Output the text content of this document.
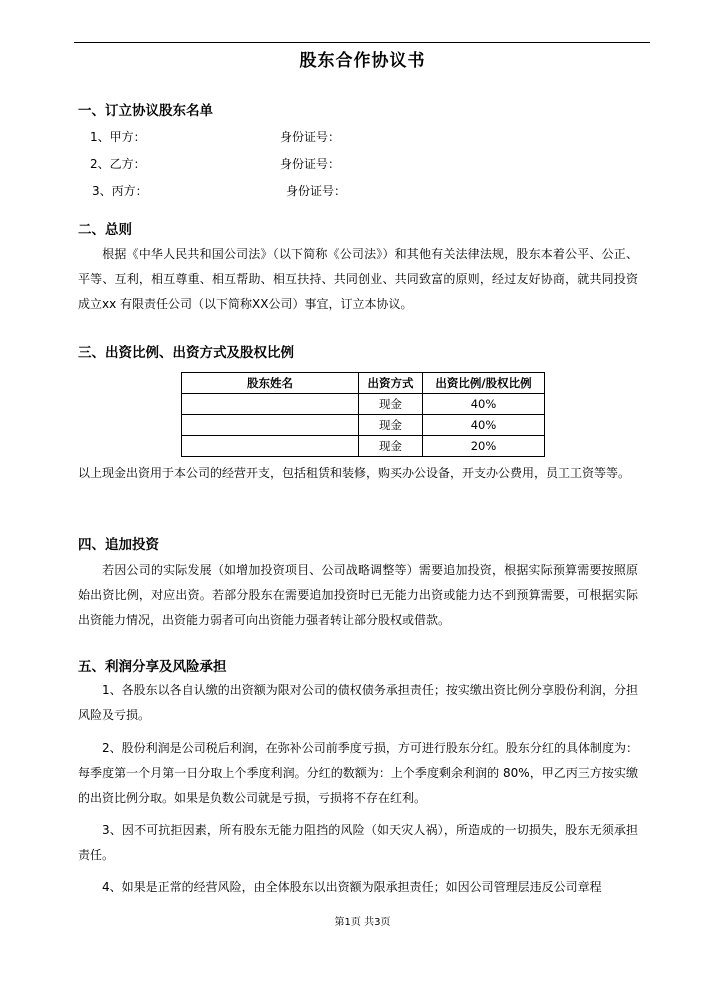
股东合作协议书
一、订立协议股东名单
1、甲方：	身份证号：
2、乙方：	身份证号：
3、丙方：	身份证号：
二、总则
根据《中华人民共和国公司法》（以下简称《公司法》）和其他有关法律法规，股东本着公平、公正、平等、互利，相互尊重、相互帮助、相互扶持、共同创业、共同致富的原则，经过友好协商，就共同投资成立xx 有限责任公司（以下简称XX公司）事宜，订立本协议。
三、出资比例、出资方式及股权比例
股东姓名	出资方式	出资比例/股权比例
	现金	40%
	现金	40%
	现金	20%
以上现金出资用于本公司的经营开支，包括租赁和装修，购买办公设备，开支办公费用，员工工资等等。
四、追加投资
若因公司的实际发展（如增加投资项目、公司战略调整等）需要追加投资，根据实际预算需要按照原始出资比例，对应出资。若部分股东在需要追加投资时已无能力出资或能力达不到预算需要，可根据实际出资能力情况，出资能力弱者可向出资能力强者转让部分股权或借款。
五、利润分享及风险承担
1、各股东以各自认缴的出资额为限对公司的债权债务承担责任；按实缴出资比例分享股份利润，分担风险及亏损。
2、股份利润是公司税后利润，在弥补公司前季度亏损，方可进行股东分红。股东分红的具体制度为：每季度第一个月第一日分取上个季度利润。分红的数额为：上个季度剩余利润的 80%，甲乙丙三方按实缴的出资比例分取。如果是负数公司就是亏损，亏损将不存在红利。
3、因不可抗拒因素，所有股东无能力阻挡的风险（如天灾人祸），所造成的一切损失，股东无须承担责任。
4、如果是正常的经营风险，由全体股东以出资额为限承担责任；如因公司管理层违反公司章程
第1页 共3页
